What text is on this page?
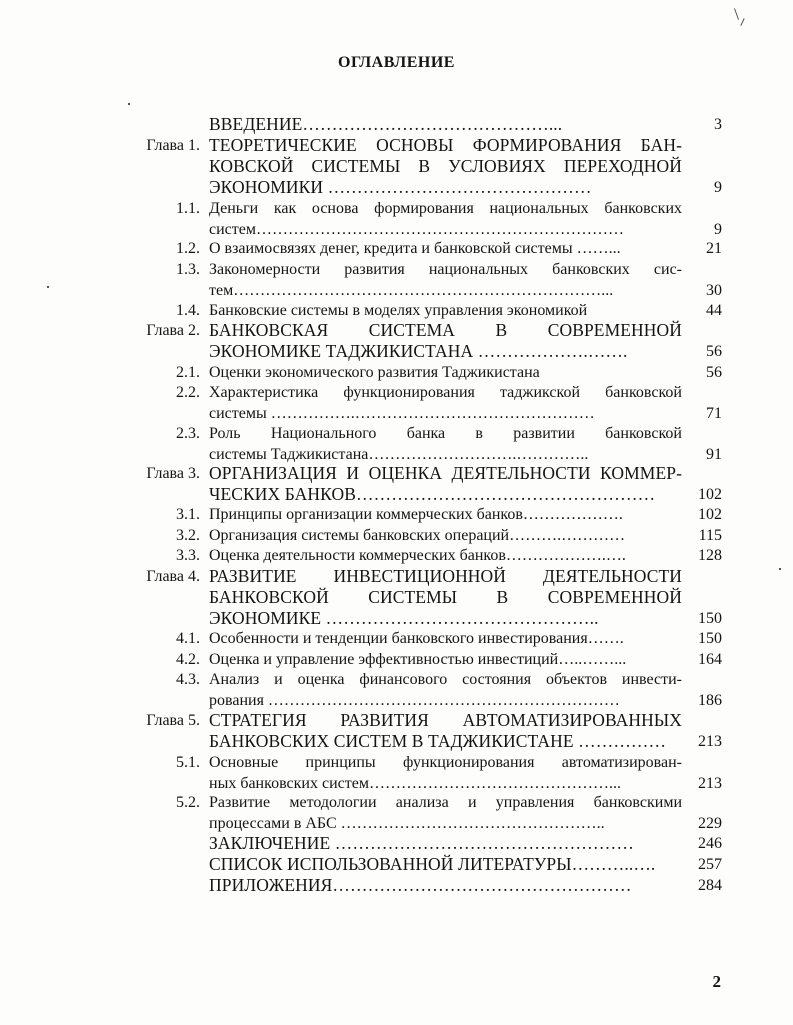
ОГЛАВЛЕНИЕ
ВВЕДЕНИЕ……………………………………...	3
Глава 1. ТЕОРЕТИЧЕСКИЕ ОСНОВЫ ФОРМИРОВАНИЯ БАН-
КОВСКОЙ СИСТЕМЫ В УСЛОВИЯХ ПЕРЕХОДНОЙ
ЭКОНОМИКИ ………………………………………	9
1.1. Деньги как основа формирования национальных банковских
систем……………………………………………………………	9
1.2. О взаимосвязях денег, кредита и банковской системы ……...	21
1.3. Закономерности развития национальных банковских сис-
тем……………………………………………………………...	30
1.4. Банковские системы в моделях управления экономикой	44
Глава 2. БАНКОВСКАЯ СИСТЕМА В СОВРЕМЕННОЙ
ЭКОНОМИКЕ ТАДЖИКИСТАНА ……………….…….	56
2.1. Оценки экономического развития Таджикистана	56
2.2. Характеристика функционирования таджикской банковской
системы …………….………………………………………	71
2.3. Роль Национального банка в развитии банковской
системы Таджикистана……………………….…………..	91
Глава 3. ОРГАНИЗАЦИЯ И ОЦЕНКА ДЕЯТЕЛЬНОСТИ КОММЕР-
ЧЕСКИХ БАНКОВ……………………………………………	102
3.1. Принципы организации коммерческих банков……………….	102
3.2. Организация системы банковских операций……….…………	115
3.3. Оценка деятельности коммерческих банков……………….….	128
Глава 4. РАЗВИТИЕ ИНВЕСТИЦИОННОЙ ДЕЯТЕЛЬНОСТИ
БАНКОВСКОЙ СИСТЕМЫ В СОВРЕМЕННОЙ
ЭКОНОМИКЕ ………………………………………..	150
4.1. Особенности и тенденции банковского инвестирования…….	150
4.2. Оценка и управление эффективностью инвестиций…..……...	164
4.3. Анализ и оценка финансового состояния объектов инвести-
рования …………………………………………………………	186
Глава 5. СТРАТЕГИЯ РАЗВИТИЯ АВТОМАТИЗИРОВАННЫХ
БАНКОВСКИХ СИСТЕМ В ТАДЖИКИСТАНЕ ……………	213
5.1. Основные принципы функционирования автоматизирован-
ных банковских систем………………………………………...	213
5.2. Развитие методологии анализа и управления банковскими
процессами в АБС …………………………………………..	229
ЗАКЛЮЧЕНИЕ ……………………………………………	246
СПИСОК ИСПОЛЬЗОВАННОЙ ЛИТЕРАТУРЫ………..….	257
ПРИЛОЖЕНИЯ……………………………………………	284
2
